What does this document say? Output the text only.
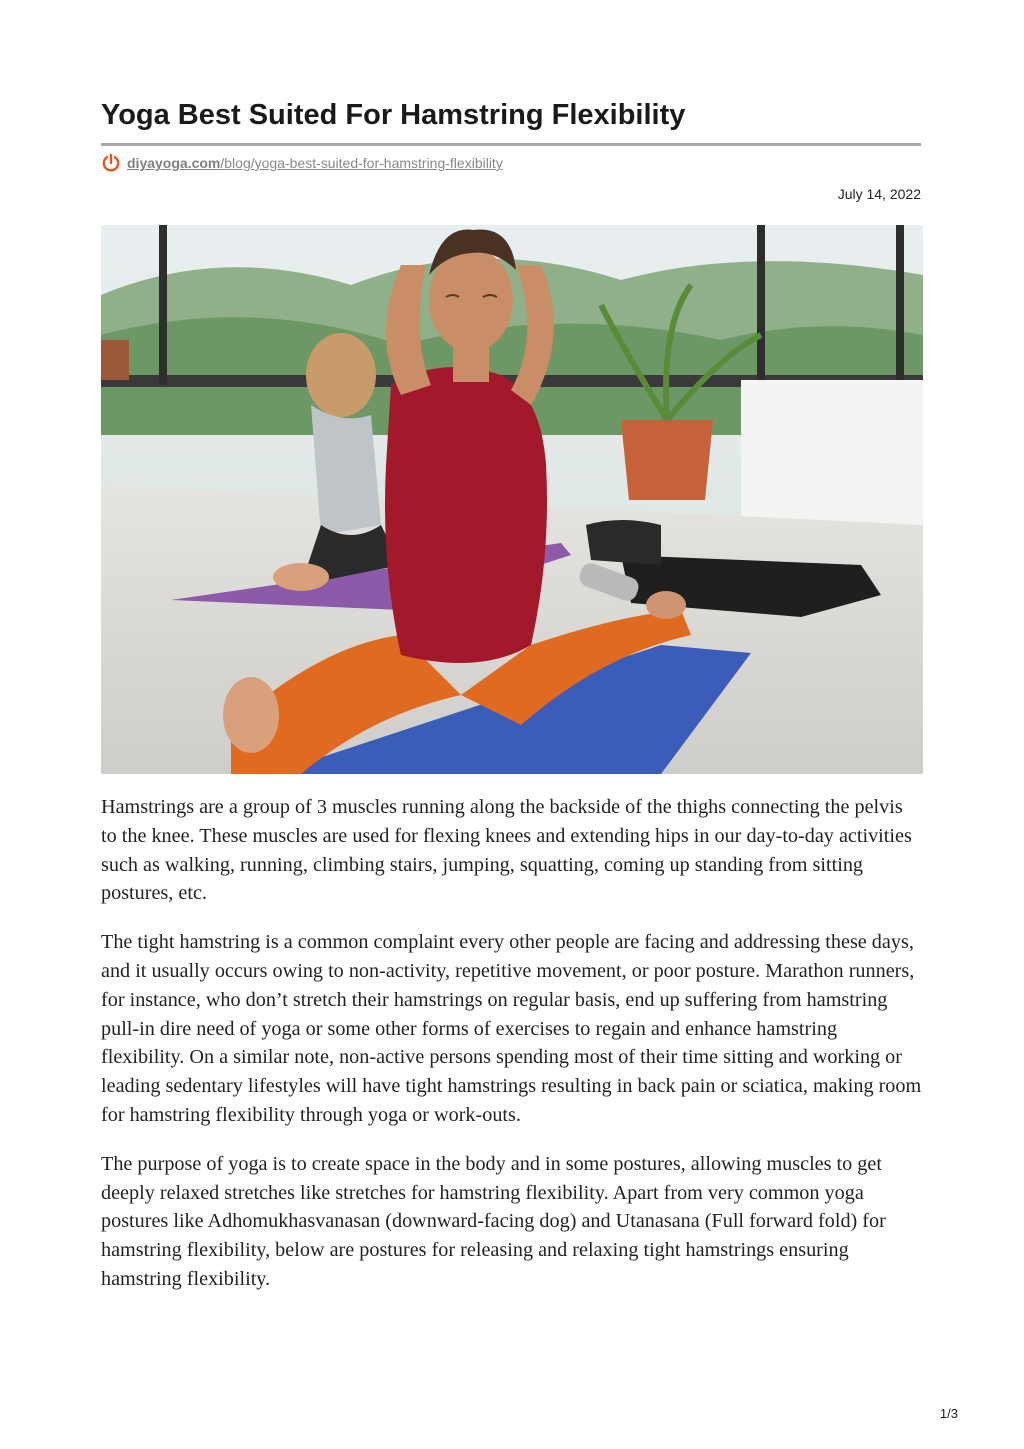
Yoga Best Suited For Hamstring Flexibility
diyayoga.com /blog/yoga-best-suited-for-hamstring-flexibility
July 14, 2022

Hamstrings are a group of 3 muscles running along the backside of the thighs connecting the pelvis to the knee. These muscles are used for flexing knees and extending hips in our day-to-day activities such as walking, running, climbing stairs, jumping, squatting, coming up standing from sitting postures, etc.

The tight hamstring is a common complaint every other people are facing and addressing these days, and it usually occurs owing to non-activity, repetitive movement, or poor posture. Marathon runners, for instance, who don’t stretch their hamstrings on regular basis, end up suffering from hamstring pull-in dire need of yoga or some other forms of exercises to regain and enhance hamstring flexibility. On a similar note, non-active persons spending most of their time sitting and working or leading sedentary lifestyles will have tight hamstrings resulting in back pain or sciatica, making room for hamstring flexibility through yoga or work-outs.

The purpose of yoga is to create space in the body and in some postures, allowing muscles to get deeply relaxed stretches like stretches for hamstring flexibility. Apart from very common yoga postures like Adhomukhasvanasan (downward-facing dog) and Utanasana (Full forward fold) for hamstring flexibility, below are postures for releasing and relaxing tight hamstrings ensuring hamstring flexibility.

1/3
